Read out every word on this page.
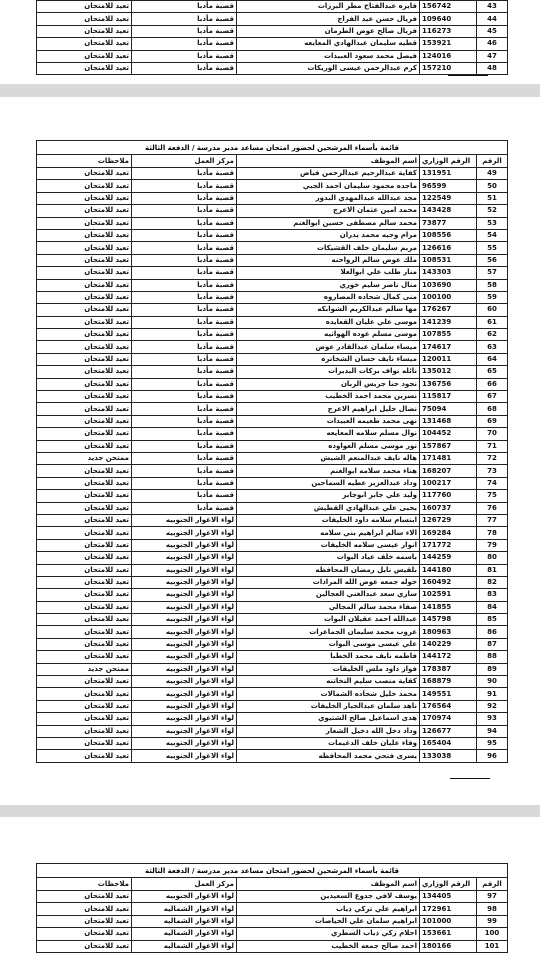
43	156742	فايزه عبدالفتاح مطر البرزات	قصبة مأدبا	تعيد للامتحان
44	109640	فريال حسن عيد الفراج	قصبة مأدبا	تعيد للامتحان
45	116273	فريال صالح عوض الطرمان	قصبة مأدبا	تعيد للامتحان
46	153921	قطيه سليمان عبدالهادي المعايعه	قصبة مأدبا	تعيد للامتحان
47	124016	فيصل محمد سعود العبيدات	قصبة مأدبا	تعيد للامتحان
48	157210	كرم عبدالرحمن عيسى الوريكات	قصبة مأدبا	تعيد للامتحان
قائمة بأسماء المرشحين لحضور امتحان مساعد مدير مدرسة / الدفعة الثالثة
الرقم	الرقم الوزاري	اسم الموظف	مركز العمل	ملاحظات
49	131951	كفاية عبدالرحيم عبدالرحمن فياض	قصبة مأدبا	تعيد للامتحان
50	96599	ماجده محمود سليمان احمد الجبي	قصبة مأدبا	تعيد للامتحان
51	122549	مجد عبدالله عبدالمهدي البدور	قصبة مأدبا	تعيد للامتحان
52	143428	محمد امين عثمان الاعرج	قصبة مأدبا	تعيد للامتحان
53	73877	محمد سالم مصطفى حسين ابوالغنم	قصبة مأدبا	تعيد للامتحان
54	108556	مرام وجيه محمد بدران	قصبة مأدبا	تعيد للامتحان
55	126616	مريم سليمان خلف القشيكات	قصبة مأدبا	تعيد للامتحان
56	108531	ملك عوض سالم الرواحنه	قصبة مأدبا	تعيد للامتحان
57	143303	منار طلب علي ابوالعلا	قصبة مأدبا	تعيد للامتحان
58	103690	منال ناصر سليم خوري	قصبة مأدبا	تعيد للامتحان
59	100100	منى كمال شحاده المصاروه	قصبة مأدبا	تعيد للامتحان
60	176267	مها سالم عبدالكريم الشوابكه	قصبة مأدبا	تعيد للامتحان
61	141239	موسى علي عليان القعايده	قصبة مأدبا	تعيد للامتحان
62	107855	موسى مسلم عوده الهواتيه	قصبة مأدبا	تعيد للامتحان
63	174617	ميساء سلمان عبدالقادر عوض	قصبة مأدبا	تعيد للامتحان
64	120011	ميساء نايف حسان الشخاتره	قصبة مأدبا	تعيد للامتحان
65	135012	نائله نواف بركات البديرات	قصبة مأدبا	تعيد للامتحان
66	136756	نجود حنا جريس الربان	قصبة مأدبا	تعيد للامتحان
67	115817	نسرين محمد احمد الخطيب	قصبة مأدبا	تعيد للامتحان
68	75094	نضال خليل ابراهيم الاعرج	قصبة مأدبا	تعيد للامتحان
69	131468	نهى محمد طعيمه العبيدات	قصبة مأدبا	تعيد للامتحان
70	104452	نوال مسلم سلامه المعايعه	قصبة مأدبا	تعيد للامتحان
71	157867	نور موسى مسلم العواوده	قصبة مأدبا	تعيد للامتحان
72	171481	هاله نايف عبدالمنعم الشيش	قصبة مأدبا	ممتحن جديد
73	168207	هناء محمد سلامه ابوالغنم	قصبة مأدبا	تعيد للامتحان
74	100217	وداد عبدالعزيز عطيه السماحين	قصبة مأدبا	تعيد للامتحان
75	117760	وليد علي جابر ابوجابر	قصبة مأدبا	تعيد للامتحان
76	160737	يحيى علي عبدالهادي القطيش	قصبة مأدبا	تعيد للامتحان
77	126729	ابتسام سلامه داود الخليفات	لواء الاغوار الجنوبيه	تعيد للامتحان
78	169284	الاء سالم ابراهيم بني سلامه	لواء الاغوار الجنوبيه	تعيد للامتحان
79	171772	انوار عيسى سلامه الخليفات	لواء الاغوار الجنوبيه	تعيد للامتحان
80	144259	باسمه خلف عياد البوات	لواء الاغوار الجنوبيه	تعيد للامتحان
81	144180	بلقيس نايل رمضان المحافظه	لواء الاغوار الجنوبيه	تعيد للامتحان
82	160492	خوله جمعه عوض الله المرادات	لواء الاغوار الجنوبيه	تعيد للامتحان
83	102591	ساري سعد عبدالغني العجالين	لواء الاغوار الجنوبيه	تعيد للامتحان
84	141855	صفاء محمد سالم المجالي	لواء الاغوار الجنوبيه	تعيد للامتحان
85	145798	عبدالله احمد عقيلان البوات	لواء الاغوار الجنوبيه	تعيد للامتحان
86	180963	عروب محمد سليمان الجماعرات	لواء الاغوار الجنوبيه	تعيد للامتحان
87	140229	علي عيسى موسى البوات	لواء الاغوار الجنوبيه	تعيد للامتحان
88	144172	فاطمه نايف محمد الخطبا	لواء الاغوار الجنوبيه	تعيد للامتحان
89	178387	فواز داود ملس الخليفات	لواء الاغوار الجنوبيه	ممتحن جديد
90	168879	كفاية منصب سليم النخاتنه	لواء الاغوار الجنوبيه	تعيد للامتحان
91	149551	محمد خليل شحاده الشمالات	لواء الاغوار الجنوبيه	تعيد للامتحان
92	176564	ناهد سلمان عبدالجبار الخليفات	لواء الاغوار الجنوبيه	تعيد للامتحان
93	170974	هدى اسماعيل صالح الشتيوي	لواء الاغوار الجنوبيه	تعيد للامتحان
94	126677	وداد دخل الله دخيل الشعار	لواء الاغوار الجنوبيه	تعيد للامتحان
95	165404	وفاء عليان خلف الدغيمات	لواء الاغوار الجنوبيه	تعيد للامتحان
96	133038	يسرى فتحي محمد المحافظه	لواء الاغوار الجنوبيه	تعيد للامتحان
قائمة بأسماء المرشحين لحضور امتحان مساعد مدير مدرسة / الدفعة الثالثة
الرقم	الرقم الوزاري	اسم الموظف	مركز العمل	ملاحظات
97	134405	يوسف لافي جدوع السعيدين	لواء الاغوار الجنوبيه	تعيد للامتحان
98	172961	ابراهيم علي تركي ذياب	لواء الاغوار الشماليه	تعيد للامتحان
99	101000	ابراهيم سلمان علي الحياصات	لواء الاغوار الشماليه	تعيد للامتحان
100	153661	احلام زكي ذياب السطري	لواء الاغوار الشماليه	تعيد للامتحان
101	180166	احمد صالح جمعه الخطيب	لواء الاغوار الشماليه	تعيد للامتحان
